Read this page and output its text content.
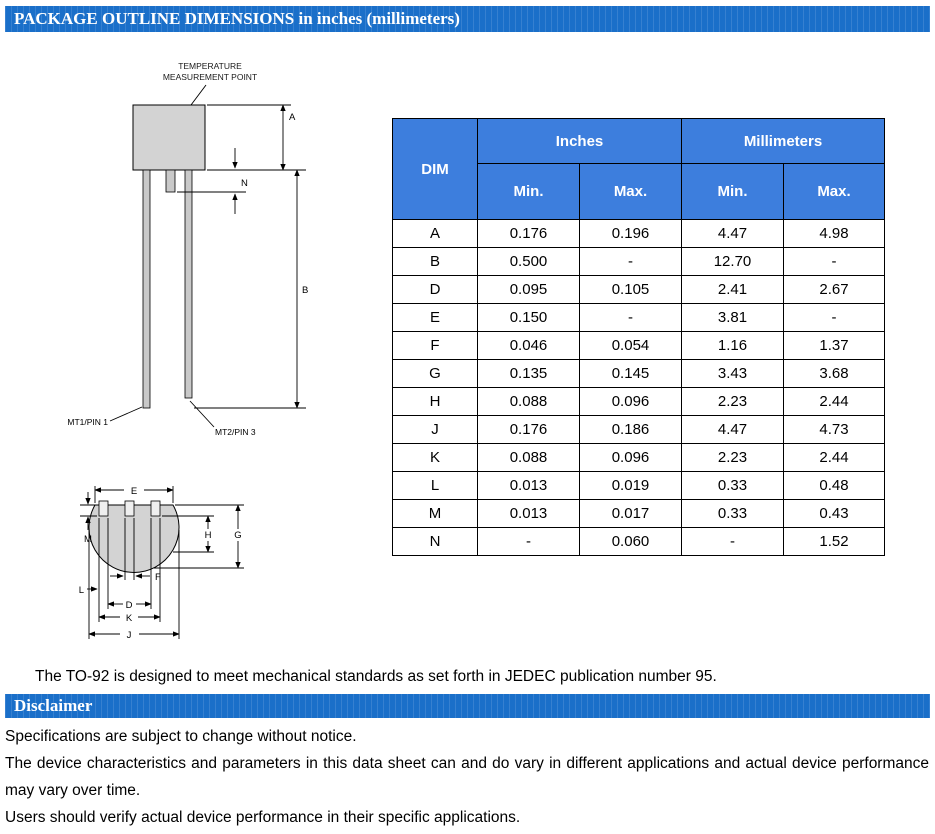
PACKAGE OUTLINE DIMENSIONS in inches (millimeters)
TEMPERATURE
MEASUREMENT POINT
A
B
N
MT1/PIN 1
MT2/PIN 3
E
M	H G
F
L
D
K
J
DIM	Inches		Millimeters	
	Min.	Max.	Min.	Max.
A	0.176	0.196	4.47	4.98
B	0.500	-	12.70	-
D	0.095	0.105	2.41	2.67
E	0.150	-	3.81	-
F	0.046	0.054	1.16	1.37
G	0.135	0.145	3.43	3.68
H	0.088	0.096	2.23	2.44
J	0.176	0.186	4.47	4.73
K	0.088	0.096	2.23	2.44
L	0.013	0.019	0.33	0.48
M	0.013	0.017	0.33	0.43
N	-	0.060	-	1.52

The TO-92 is designed to meet mechanical standards as set forth in JEDEC publication number 95.

Disclaimer

Specifications are subject to change without notice.

The device characteristics and parameters in this data sheet can and do vary in different applications and actual device performance may vary over time.

Users should verify actual device performance in their specific applications.
